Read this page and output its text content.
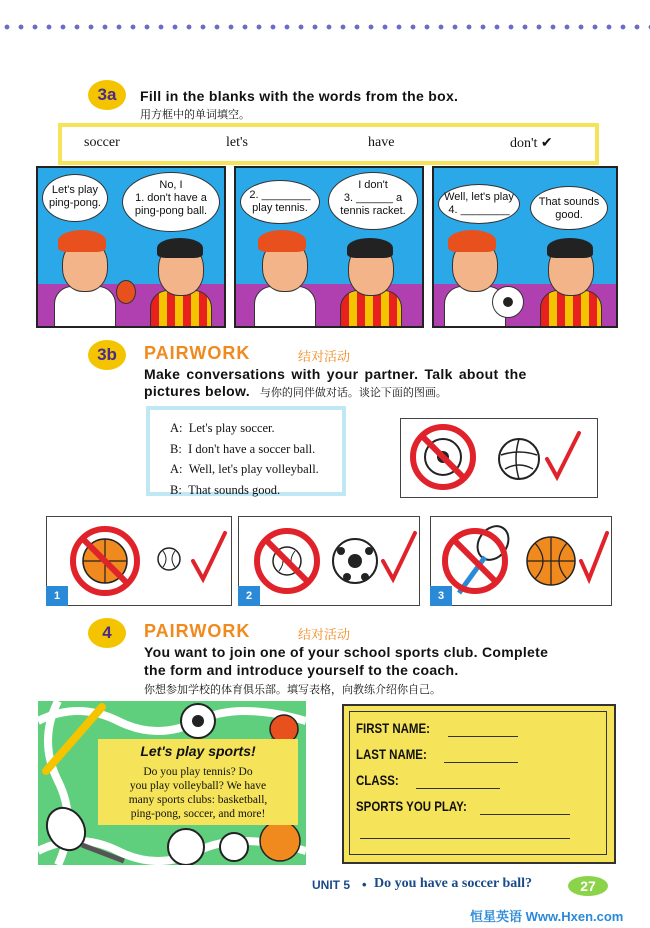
3a	Fill in the blanks with the words from the box.
用方框中的单词填空。
soccer	let's	have	don't ✔
Let's play ping-pong.
No, I
1. don't have a
ping-pong ball.
2. ________
play tennis.
I don't
3. ______ a
tennis racket.
Well, let's play
4. ________
That sounds good.
3b	PAIRWORK	结对活动
Make conversations with your partner. Talk about the
pictures below. 与你的同伴做对话。谈论下面的图画。
A: Let's play soccer.
B: I don't have a soccer ball.
A: Well, let's play volleyball.
B: That sounds good.
1	2	3
4	PAIRWORK	结对活动
You want to join one of your school sports club. Complete
the form and introduce yourself to the coach.
你想参加学校的体育俱乐部。填写表格，向教练介绍你自己。
Let's play sports!
Do you play tennis? Do
you play volleyball? We have
many sports clubs: basketball,
ping-pong, soccer, and more!
FIRST NAME:
LAST NAME:
CLASS:
SPORTS YOU PLAY:
UNIT 5 • Do you have a soccer ball?	27
恒星英语 Www.Hxen.com
